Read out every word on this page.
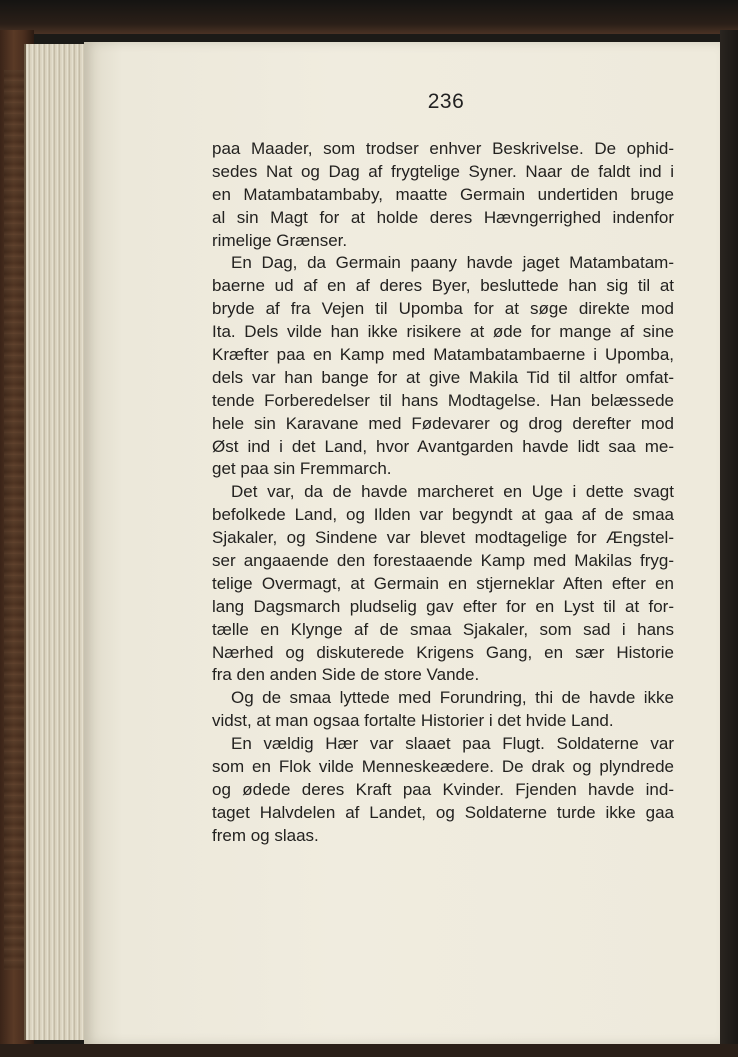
236
paa Maader, som trodser enhver Beskrivelse. De ophid-
sedes Nat og Dag af frygtelige Syner. Naar de faldt ind i
en Matambatambaby, maatte Germain undertiden bruge
al sin Magt for at holde deres Hævngerrighed indenfor
rimelige Grænser.
En Dag, da Germain paany havde jaget Matambatam-
baerne ud af en af deres Byer, besluttede han sig til at
bryde af fra Vejen til Upomba for at søge direkte mod
Ita. Dels vilde han ikke risikere at øde for mange af sine
Kræfter paa en Kamp med Matambatambaerne i Upomba,
dels var han bange for at give Makila Tid til altfor omfat-
tende Forberedelser til hans Modtagelse. Han belæssede
hele sin Karavane med Fødevarer og drog derefter mod
Øst ind i det Land, hvor Avantgarden havde lidt saa me-
get paa sin Fremmarch.
Det var, da de havde marcheret en Uge i dette svagt
befolkede Land, og Ilden var begyndt at gaa af de smaa
Sjakaler, og Sindene var blevet modtagelige for Ængstel-
ser angaaende den forestaaende Kamp med Makilas fryg-
telige Overmagt, at Germain en stjerneklar Aften efter en
lang Dagsmarch pludselig gav efter for en Lyst til at for-
tælle en Klynge af de smaa Sjakaler, som sad i hans
Nærhed og diskuterede Krigens Gang, en sær Historie
fra den anden Side de store Vande.
Og de smaa lyttede med Forundring, thi de havde ikke
vidst, at man ogsaa fortalte Historier i det hvide Land.
En vældig Hær var slaaet paa Flugt. Soldaterne var
som en Flok vilde Menneskeædere. De drak og plyndrede
og ødede deres Kraft paa Kvinder. Fjenden havde ind-
taget Halvdelen af Landet, og Soldaterne turde ikke gaa
frem og slaas.
